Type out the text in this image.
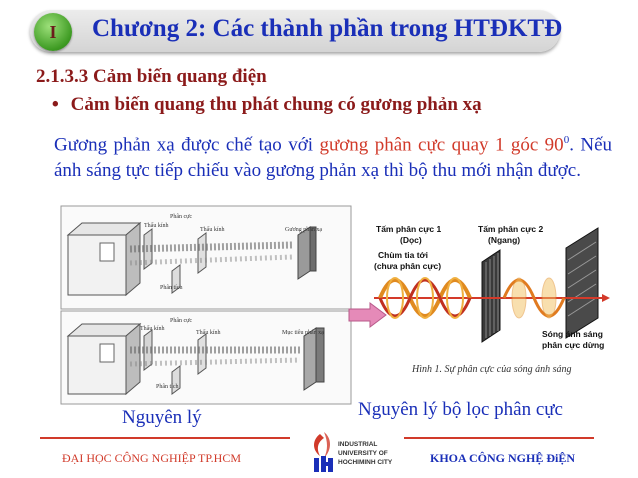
I	Chương 2: Các thành phần trong HTĐKTĐ
2.1.3.3 Cảm biến quang điện
• Cảm biến quang thu phát chung có gương phản xạ
Gương phản xạ được chế tạo với gương phân cực quay 1 góc $90^0$. Nếu ánh sáng tực tiếp chiếu vào gương phản xạ thì bộ thu mới nhận được.
Phân cực
Thấu kính
Thấu kính	Gương phản xạ
Phân tích
Phân cực
Thấu kính
Thấu kính	Mục tiêu phản xạ
Phân tích
Tấm phân cực 1
(Dọc)
Tấm phân cực 2
(Ngang)
Chùm tia tới
(chưa phân cực)
Sóng ánh sáng
phân cực dừng
Hình 1. Sự phân cực của sóng ánh sáng
Nguyên lý	Nguyên lý bộ lọc phân cực
ĐẠI HỌC CÔNG NGHIỆP TP.HCM	KHOA CÔNG NGHỆ ĐiỆN
INDUSTRIAL
UNIVERSITY OF
HOCHIMINH CITY
